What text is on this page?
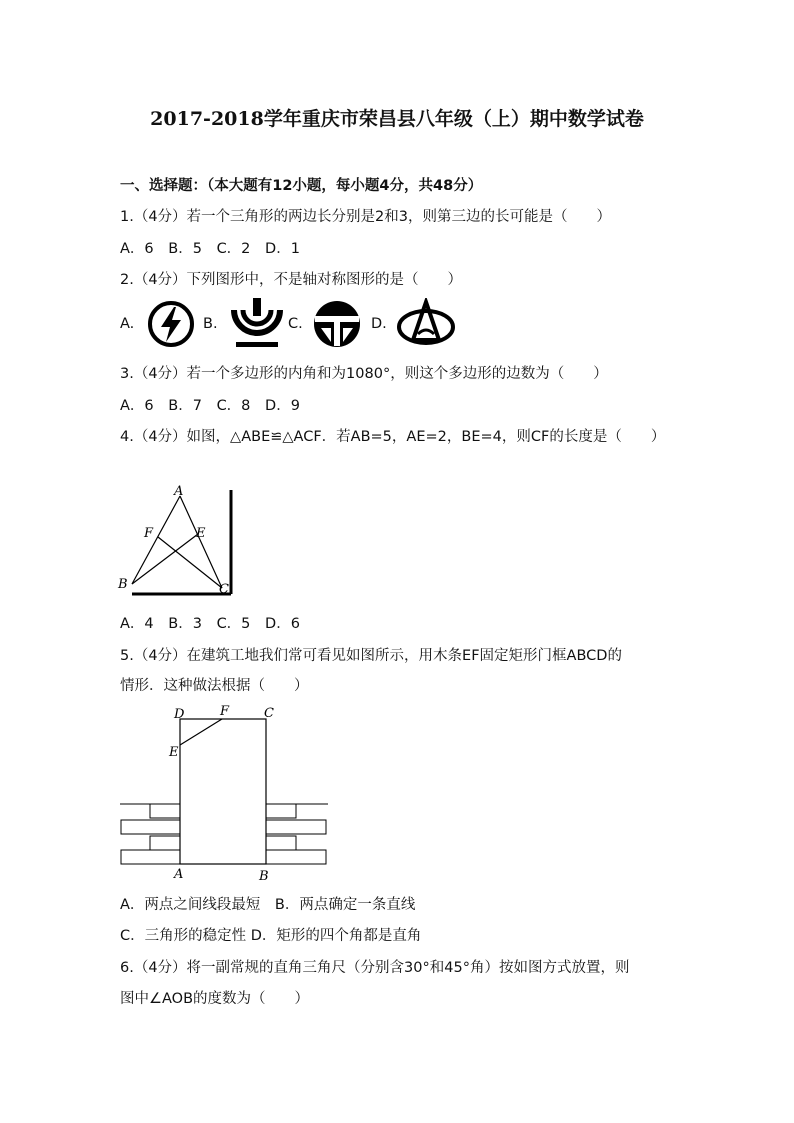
2017-2018学年重庆市荣昌县八年级（上）期中数学试卷
一、选择题：（本大题有12小题，每小题4分，共48分）
1.（4分）若一个三角形的两边长分别是2和3，则第三边的长可能是（　　）
A．6 B．5 C．2 D．1
2.（4分）下列图形中，不是轴对称图形的是（　　）
A.	B.	C.	D.
3.（4分）若一个多边形的内角和为1080°，则这个多边形的边数为（　　）
A．6 B．7 C．8 D．9
4.（4分）如图，△ABE≌△ACF．若AB=5，AE=2，BE=4，则CF的长度是（　　）
A
F	E
B	C
A．4 B．3 C．5 D．6
5.（4分）在建筑工地我们常可看见如图所示，用木条EF固定矩形门框ABCD的
情形．这种做法根据（　　）
D	F	C
E
A	B
A．两点之间线段最短　B．两点确定一条直线
C．三角形的稳定性 D．矩形的四个角都是直角
6.（4分）将一副常规的直角三角尺（分别含30°和45°角）按如图方式放置，则
图中∠AOB的度数为（　　）
